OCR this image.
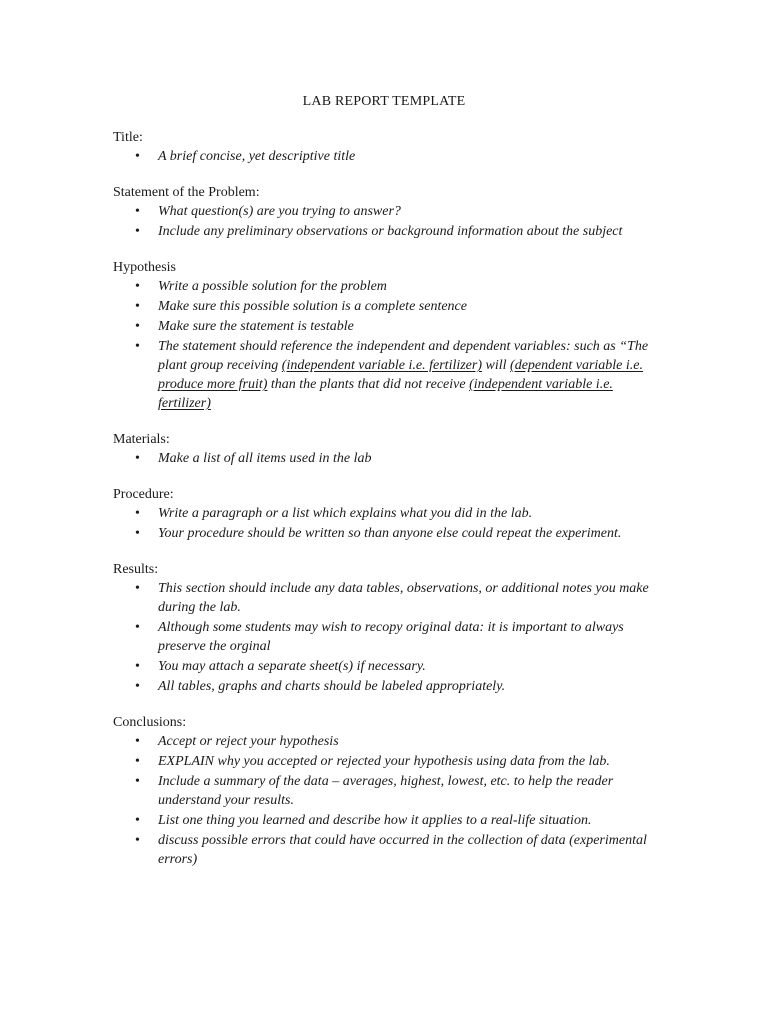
LAB REPORT TEMPLATE

Title:

• A brief concise, yet descriptive title

Statement of the Problem:

• What question(s) are you trying to answer?
• Include any preliminary observations or background information about the subject

Hypothesis

• Write a possible solution for the problem
• Make sure this possible solution is a complete sentence
• Make sure the statement is testable
• The statement should reference the independent and dependent variables: such as “The plant group receiving (independent variable i.e. fertilizer) will (dependent variable i.e. produce more fruit) than the plants that did not receive (independent variable i.e. fertilizer)

Materials:

• Make a list of all items used in the lab

Procedure:

• Write a paragraph or a list which explains what you did in the lab.
• Your procedure should be written so than anyone else could repeat the experiment.

Results:

• This section should include any data tables, observations, or additional notes you make during the lab.
• Although some students may wish to recopy original data: it is important to always preserve the orginal
• You may attach a separate sheet(s) if necessary.
• All tables, graphs and charts should be labeled appropriately.

Conclusions:

• Accept or reject your hypothesis
• EXPLAIN why you accepted or rejected your hypothesis using data from the lab.
• Include a summary of the data – averages, highest, lowest, etc. to help the reader understand your results.
• List one thing you learned and describe how it applies to a real-life situation.
• discuss possible errors that could have occurred in the collection of data (experimental errors)
